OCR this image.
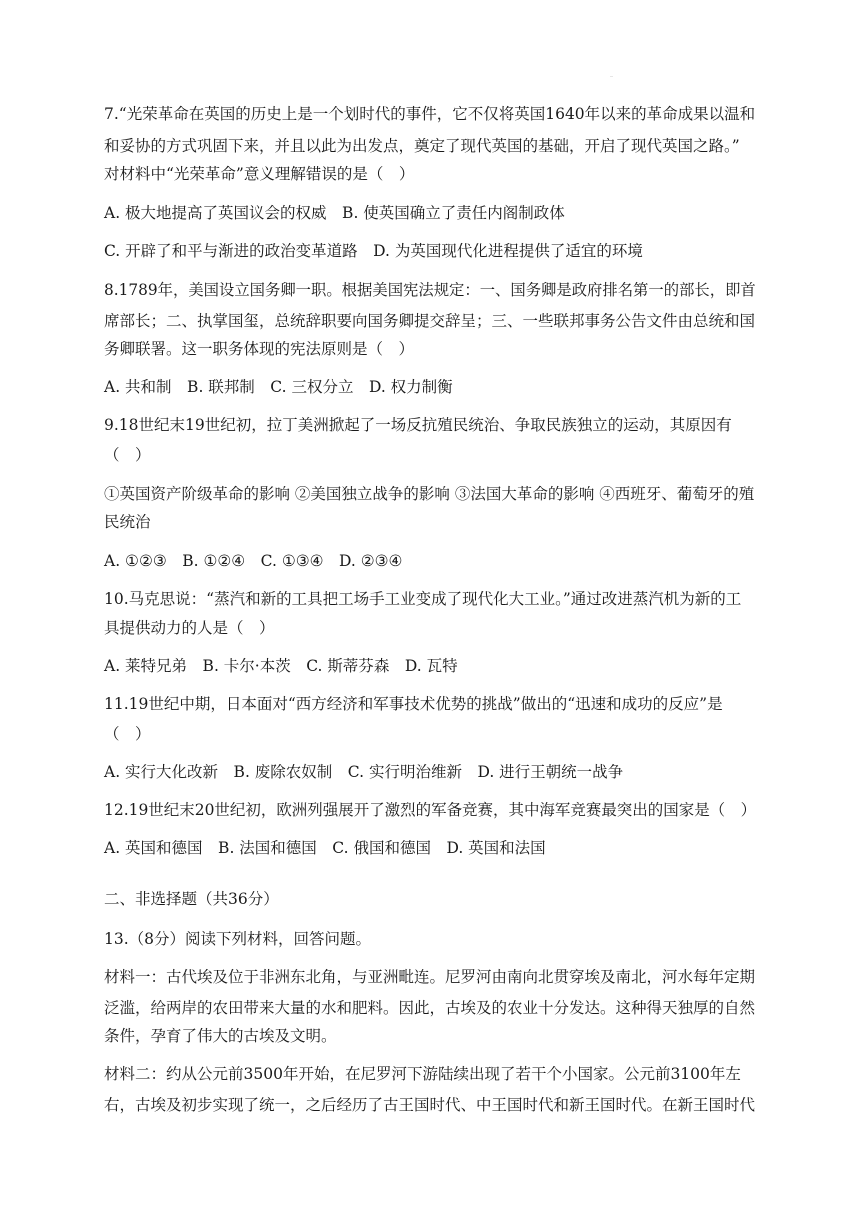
7.“光荣革命在英国的历史上是一个划时代的事件，它不仅将英国1640年以来的革命成果以温和
和妥协的方式巩固下来，并且以此为出发点，奠定了现代英国的基础，开启了现代英国之路。”
对材料中“光荣革命”意义理解错误的是（　）
A. 极大地提高了英国议会的权威　B. 使英国确立了责任内阁制政体
C. 开辟了和平与渐进的政治变革道路　D. 为英国现代化进程提供了适宜的环境
8.1789年，美国设立国务卿一职。根据美国宪法规定：一、国务卿是政府排名第一的部长，即首
席部长；二、执掌国玺，总统辞职要向国务卿提交辞呈；三、一些联邦事务公告文件由总统和国
务卿联署。这一职务体现的宪法原则是（　）
A. 共和制　B. 联邦制　C. 三权分立　D. 权力制衡
9.18世纪末19世纪初，拉丁美洲掀起了一场反抗殖民统治、争取民族独立的运动，其原因有
（　）
①英国资产阶级革命的影响 ②美国独立战争的影响 ③法国大革命的影响 ④西班牙、葡萄牙的殖
民统治
A. ①②③　B. ①②④　C. ①③④　D. ②③④
10.马克思说：“蒸汽和新的工具把工场手工业变成了现代化大工业。”通过改进蒸汽机为新的工
具提供动力的人是（　）
A. 莱特兄弟　B. 卡尔·本茨　C. 斯蒂芬森　D. 瓦特
11.19世纪中期，日本面对“西方经济和军事技术优势的挑战”做出的“迅速和成功的反应”是
（　）
A. 实行大化改新　B. 废除农奴制　C. 实行明治维新　D. 进行王朝统一战争
12.19世纪末20世纪初，欧洲列强展开了激烈的军备竞赛，其中海军竞赛最突出的国家是（　）
A. 英国和德国　B. 法国和德国　C. 俄国和德国　D. 英国和法国
二、非选择题（共36分）
13.（8分）阅读下列材料，回答问题。
材料一：古代埃及位于非洲东北角，与亚洲毗连。尼罗河由南向北贯穿埃及南北，河水每年定期
泛滥，给两岸的农田带来大量的水和肥料。因此，古埃及的农业十分发达。这种得天独厚的自然
条件，孕育了伟大的古埃及文明。
材料二：约从公元前3500年开始，在尼罗河下游陆续出现了若干个小国家。公元前3100年左
右，古埃及初步实现了统一，之后经历了古王国时代、中王国时代和新王国时代。在新王国时代
